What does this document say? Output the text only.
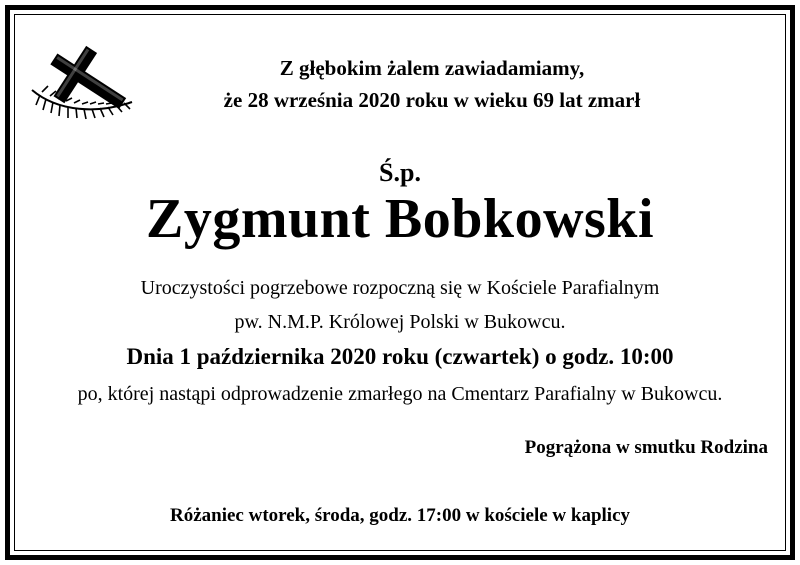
Z głębokim żalem zawiadamiamy,
że 28 września 2020 roku w wieku 69 lat zmarł
Ś.p.
Zygmunt Bobkowski
Uroczystości pogrzebowe rozpoczną się w Kościele Parafialnym
pw. N.M.P. Królowej Polski w Bukowcu.
Dnia 1 października 2020 roku (czwartek) o godz. 10:00
po, której nastąpi odprowadzenie zmarłego na Cmentarz Parafialny w Bukowcu.
Pogrążona w smutku Rodzina
Różaniec wtorek, środa, godz. 17:00 w kościele w kaplicy
